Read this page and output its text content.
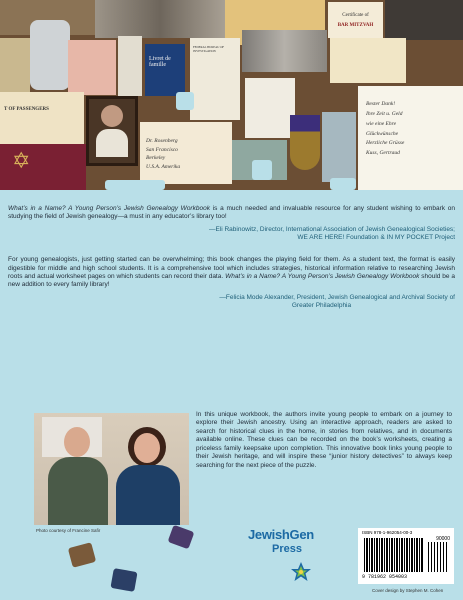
Certificate of

BAR MITZVAH

Livret de famille

FEDERAL BUREAU OF INVESTIGATION

Bester Dank!
Ihre Zeit u. Geld
wie eine Ehre
Glückwünsche
Herzliche Grüsse
Kuss, Gertraud

T OF PASSENGERS

Dr. Rosenberg
San Francisco
Berkeley
U.S.A. Amerika

✡

What’s in a Name? A Young Person’s Jewish Genealogy Workbook is a much needed and invaluable resource for any student wishing to embark on studying the field of Jewish genealogy—a must in any educator’s library too!

—Eli Rabinowitz, Director, International Association of Jewish Genealogical Societies;

WE ARE HERE! Foundation & IN MY POCKET Project

For young genealogists, just getting started can be overwhelming; this book changes the playing field for them. As a student text, the format is easily digestible for middle and high school students. It is a comprehensive tool which includes strategies, historical information relative to researching Jewish roots and actual worksheet pages on which students can record their data. What’s in a Name? A Young Person’s Jewish Genealogy Workbook should be a new addition to every family library!

—Felicia Mode Alexander, President, Jewish Genealogical and Archival Society of

Greater Philadelphia

Photo courtesy of Francine Safir

In this unique workbook, the authors invite young people to embark on a journey to explore their Jewish ancestry. Using an interactive approach, readers are asked to search for historical clues in the home, in stories from relatives, and in documents available online. These clues can be recorded on the book’s worksheets, creating a priceless family keepsake upon completion. This innovative book links young people to their Jewish heritage, and will inspire these “junior history detectives” to always keep searching for the next piece of the puzzle.

JewishGen
Press
ISBN 978-1-962054-00-3
90000
9 781962 054003
Cover design by Stephen M. Cohen
